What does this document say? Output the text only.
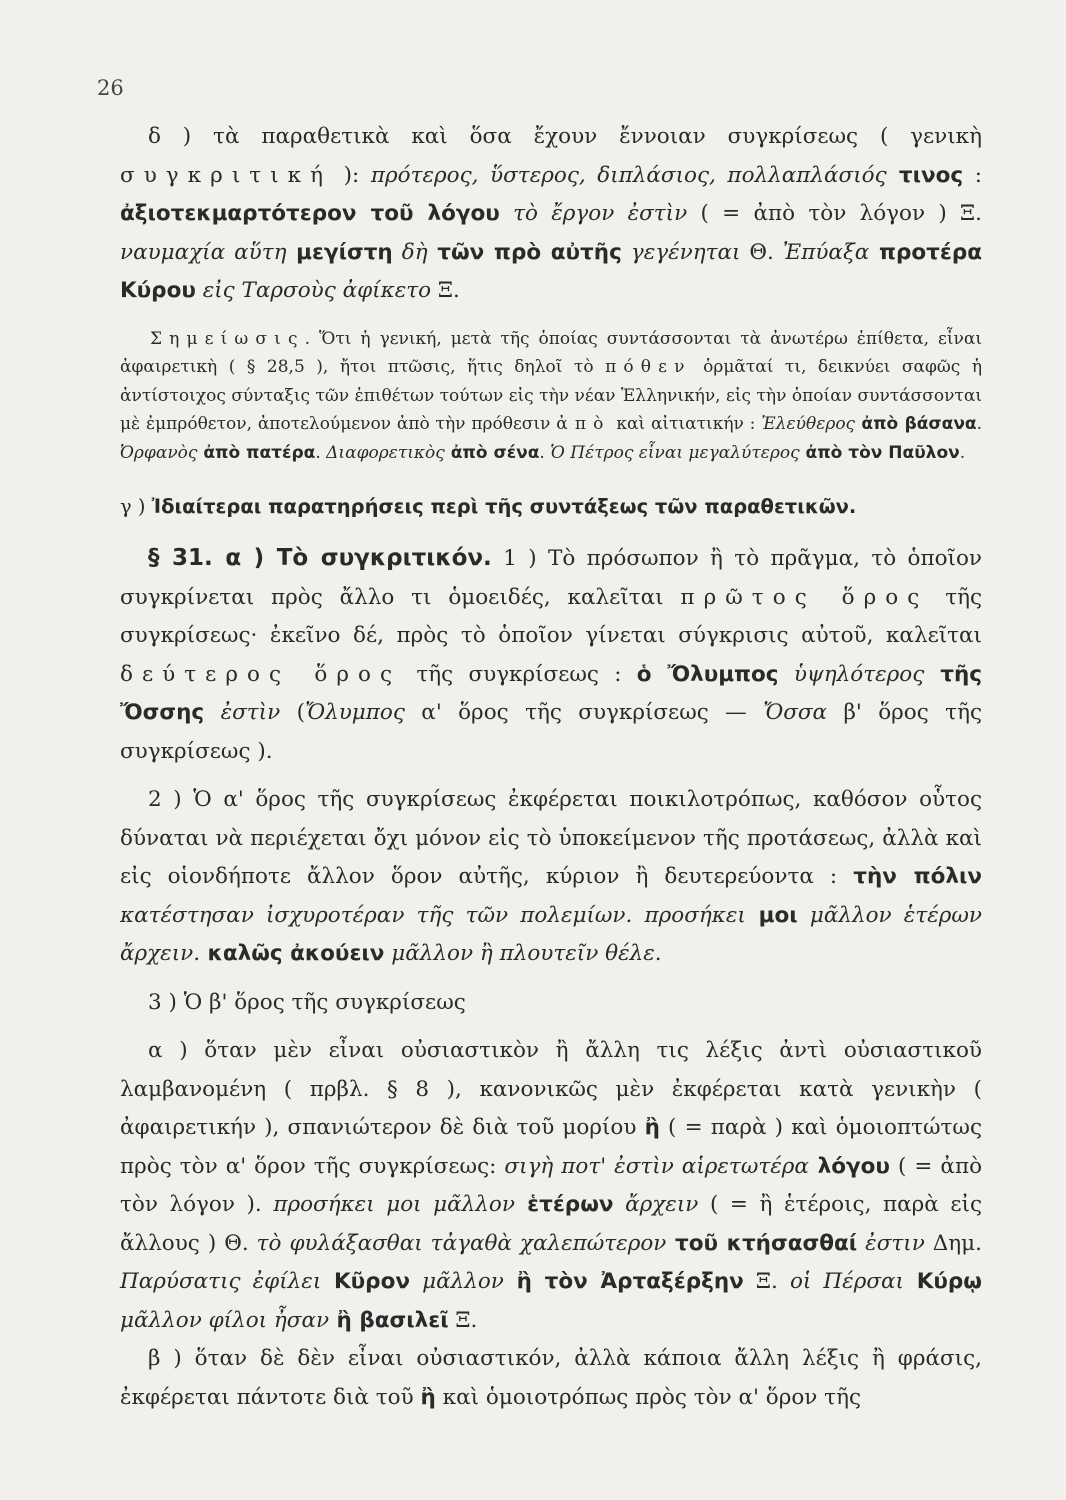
26

δ ) τὰ παραθετικὰ καὶ ὅσα ἔχουν ἔννοιαν συγκρίσεως ( γενικὴ συγκριτική ): πρότερος, ὕστερος, διπλάσιος, πολλαπλάσιός τινος : ἀξιοτεκμαρτότερον τοῦ λόγου τὸ ἔργον ἐστὶν ( = ἀπὸ τὸν λόγον ) Ξ. ναυμαχία αὕτη μεγίστη δὴ τῶν πρὸ αὐτῆς γεγένηται Θ. Ἐπύαξα προτέρα Κύρου εἰς Ταρσοὺς ἀφίκετο Ξ.

Σημείωσις. Ὅτι ἡ γενική, μετὰ τῆς ὁποίας συντάσσονται τὰ ἀνωτέρω ἐπίθετα, εἶναι ἀφαιρετικὴ ( § 28,5 ), ἤτοι πτῶσις, ἥτις δηλοῖ τὸ πόθεν ὁρμᾶταί τι, δεικνύει σαφῶς ἡ ἀντίστοιχος σύνταξις τῶν ἐπιθέτων τούτων εἰς τὴν νέαν Ἑλληνικήν, εἰς τὴν ὁποίαν συντάσσονται μὲ ἐμπρόθετον, ἀποτελούμενον ἀπὸ τὴν πρόθεσιν ἀπὸ καὶ αἰτιατικήν : Ἐλεύθερος ἀπὸ βάσανα. Ὀρφανὸς ἀπὸ πατέρα. Διαφορετικὸς ἀπὸ σένα. Ὁ Πέτρος εἶναι μεγαλύτερος ἀπὸ τὸν Παῦλον.

γ ) Ἰδιαίτεραι παρατηρήσεις περὶ τῆς συντάξεως τῶν παραθετικῶν.

§ 31. α ) Τὸ συγκριτικόν. 1 ) Τὸ πρόσωπον ἢ τὸ πρᾶγμα, τὸ ὁποῖον συγκρίνεται πρὸς ἄλλο τι ὁμοειδές, καλεῖται πρῶτος ὅρος τῆς συγκρίσεως· ἐκεῖνο δέ, πρὸς τὸ ὁποῖον γίνεται σύγκρισις αὐτοῦ, καλεῖται δεύτερος ὅρος τῆς συγκρίσεως : ὁ Ὄλυμπος ὑψηλότερος τῆς Ὄσσης ἐστὶν (Ὄλυμπος α' ὅρος τῆς συγκρίσεως — Ὄσσα β' ὅρος τῆς συγκρίσεως ).

2 ) Ὁ α' ὅρος τῆς συγκρίσεως ἐκφέρεται ποικιλοτρόπως, καθόσον οὗτος δύναται νὰ περιέχεται ὄχι μόνον εἰς τὸ ὑποκείμενον τῆς προτάσεως, ἀλλὰ καὶ εἰς οἱονδήποτε ἄλλον ὅρον αὐτῆς, κύριον ἢ δευτερεύοντα : τὴν πόλιν κατέστησαν ἰσχυροτέραν τῆς τῶν πολεμίων. προσήκει μοι μᾶλλον ἑτέρων ἄρχειν. καλῶς ἀκούειν μᾶλλον ἢ πλουτεῖν θέλε.

3 ) Ὁ β' ὅρος τῆς συγκρίσεως

α ) ὅταν μὲν εἶναι οὐσιαστικὸν ἢ ἄλλη τις λέξις ἀντὶ οὐσιαστικοῦ λαμβανομένη ( πρβλ. § 8 ), κανονικῶς μὲν ἐκφέρεται κατὰ γενικὴν ( ἀφαιρετικήν ), σπανιώτερον δὲ διὰ τοῦ μορίου ἢ ( = παρὰ ) καὶ ὁμοιοπτώτως πρὸς τὸν α' ὅρον τῆς συγκρίσεως: σιγὴ ποτ' ἐστὶν αἱρετωτέρα λόγου ( = ἀπὸ τὸν λόγον ). προσήκει μοι μᾶλλον ἑτέρων ἄρχειν ( = ἢ ἑτέροις, παρὰ εἰς ἄλλους ) Θ. τὸ φυλάξασθαι τἀγαθὰ χαλεπώτερον τοῦ κτήσασθαί ἐστιν Δημ. Παρύσατις ἐφίλει Κῦρον μᾶλλον ἢ τὸν Ἀρταξέρξην Ξ. οἱ Πέρσαι Κύρῳ μᾶλλον φίλοι ἦσαν ἢ βασιλεῖ Ξ.

β ) ὅταν δὲ δὲν εἶναι οὐσιαστικόν, ἀλλὰ κάποια ἄλλη λέξις ἢ φράσις, ἐκφέρεται πάντοτε διὰ τοῦ ἢ καὶ ὁμοιοτρόπως πρὸς τὸν α' ὅρον τῆς
